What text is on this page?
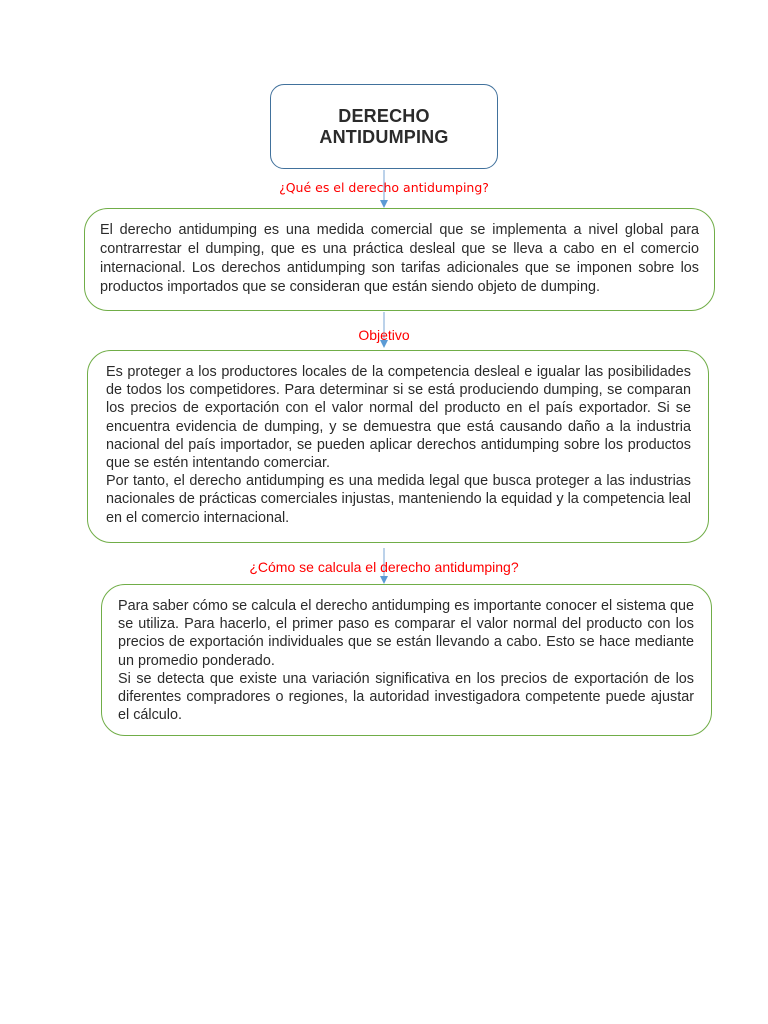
DERECHO
ANTIDUMPING
¿Qué es el derecho antidumping?

El derecho antidumping es una medida comercial que se implementa a nivel global para contrarrestar el dumping, que es una práctica desleal que se lleva a cabo en el comercio internacional. Los derechos antidumping son tarifas adicionales que se imponen sobre los productos importados que se consideran que están siendo objeto de dumping.

Objetivo

Es proteger a los productores locales de la competencia desleal e igualar las posibilidades de todos los competidores. Para determinar si se está produciendo dumping, se comparan los precios de exportación con el valor normal del producto en el país exportador. Si se encuentra evidencia de dumping, y se demuestra que está causando daño a la industria nacional del país importador, se pueden aplicar derechos antidumping sobre los productos que se estén intentando comerciar.

Por tanto, el derecho antidumping es una medida legal que busca proteger a las industrias nacionales de prácticas comerciales injustas, manteniendo la equidad y la competencia leal en el comercio internacional.

¿Cómo se calcula el derecho antidumping?

Para saber cómo se calcula el derecho antidumping es importante conocer el sistema que se utiliza. Para hacerlo, el primer paso es comparar el valor normal del producto con los precios de exportación individuales que se están llevando a cabo. Esto se hace mediante un promedio ponderado.

Si se detecta que existe una variación significativa en los precios de exportación de los diferentes compradores o regiones, la autoridad investigadora competente puede ajustar el cálculo.
